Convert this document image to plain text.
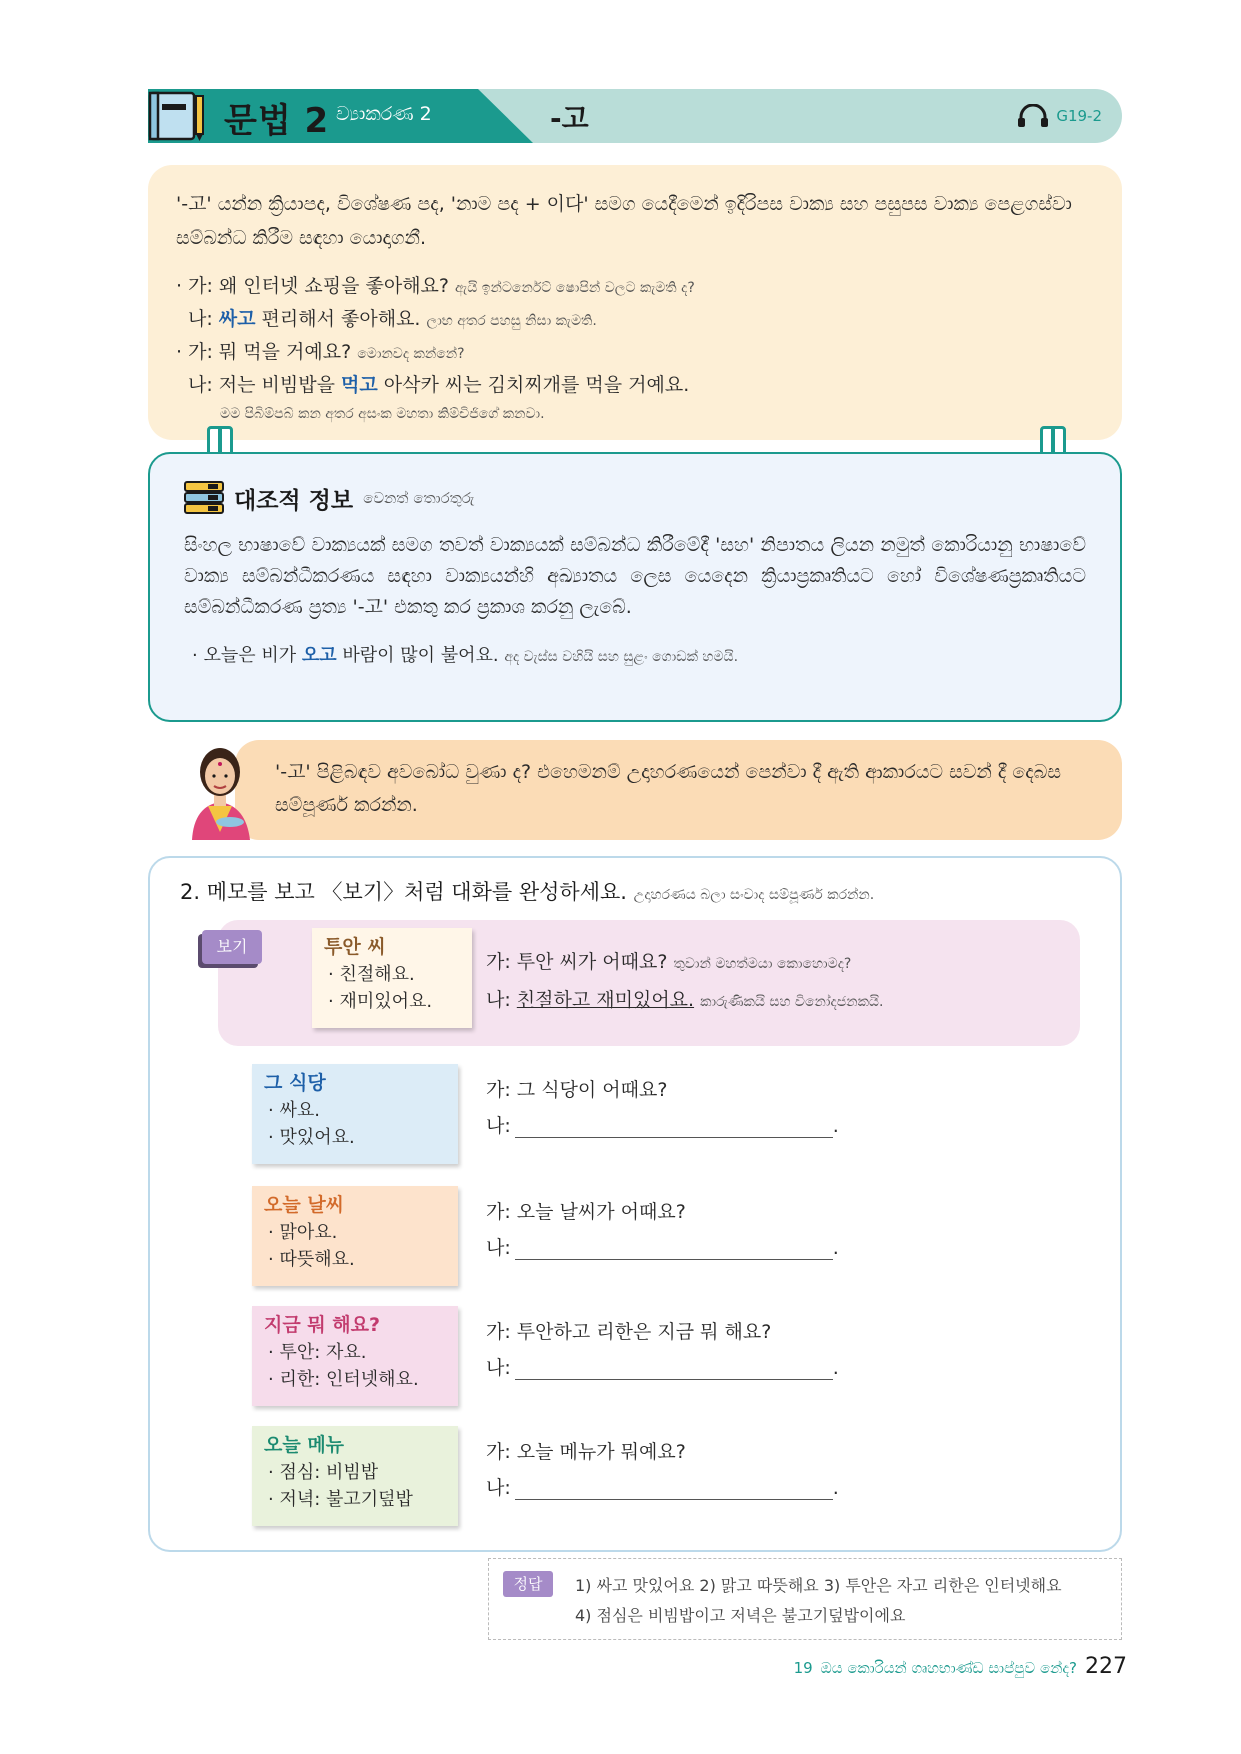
문법 2 ව්‍යාකරණ 2	-고	G19-2
'-고' යන්න ක්‍රියාපද, විශේෂණ පද, 'නාම පද + 이다' සමග යෙදීමෙන් ඉදිරිපස වාක්‍ය සහ පසුපස වාක්‍ය පෙළගස්වා සම්බන්ධ කිරීම සඳහා යොදාගනී.
· 가: 왜 인터넷 쇼핑을 좋아해요? ඇයි ඉන්ටර්නෙට් ෂොපින් වලට කැමති ද?
나: 싸고 편리해서 좋아해요. ලාභ අතර පහසු නිසා කැමති.
· 가: 뭐 먹을 거예요? මොනවද කන්නේ?
나: 저는 비빔밥을 먹고 아삭카 씨는 김치찌개를 먹을 거예요.
මම පිබිම්පබ් කන අතර අසංක මහතා කිම්චිජිගේ කනවා.
대조적 정보 වෙනත් තොරතුරු
සිංහල භාෂාවේ වාක්‍යයක් සමග තවත් වාක්‍යයක් සම්බන්ධ කිරීමේදී 'සහ' නිපාතය ලියන නමුත් කොරියානු භාෂාවේ වාක්‍ය සම්බන්ධීකරණය සඳහා වාක්‍යයන්හි අඛ්‍යාතය ලෙස යෙදෙන ක්‍රියාප්‍රකෘතියට හෝ විශේෂණප්‍රකෘතියට සම්බන්ධීකරණ ප්‍රත්‍ය '-고' එකතු කර ප්‍රකාශ කරනු ලැබේ.
· 오늘은 비가 오고 바람이 많이 불어요. අද වැස්ස වහියි සහ සුළං ගොඩක් හමයි.
'-고' පිළිබඳව අවබෝධ වුණා ද? එහෙමනම් උදාහරණයෙන් පෙන්වා දී ඇති ආකාරයට සවන් දී දෙබස සම්පූර්ණ කරන්න.
2. 메모를 보고 〈보기〉처럼 대화를 완성하세요. උදාහරණය බලා සංවාද සම්පූර්ණ කරන්න.
보기	투안 씨
· 친절해요.
· 재미있어요.
가: 투안 씨가 어때요? තුවාන් මහත්මයා කොහොමද?
나: 친절하고 재미있어요. කාරුණිකයි සහ විනෝදජනකයි.
그 식당
· 싸요.
· 맛있어요.
가: 그 식당이 어때요?
나:	.
오늘 날씨
· 맑아요.
· 따뜻해요.
가: 오늘 날씨가 어때요?
나:	.
지금 뭐 해요?
· 투안: 자요.
· 리한: 인터넷해요.
가: 투안하고 리한은 지금 뭐 해요?
나:	.
오늘 메뉴
· 점심: 비빔밥
· 저녁: 불고기덮밥
가: 오늘 메뉴가 뭐예요?
나:	.
정답	1) 싸고 맛있어요 2) 맑고 따뜻해요 3) 투안은 자고 리한은 인터넷해요
4) 점심은 비빔밥이고 저녁은 불고기덮밥이에요
19 ඔය කොරියන් ගෘහභාණ්ඩ සාප්පුව නේද? 227
